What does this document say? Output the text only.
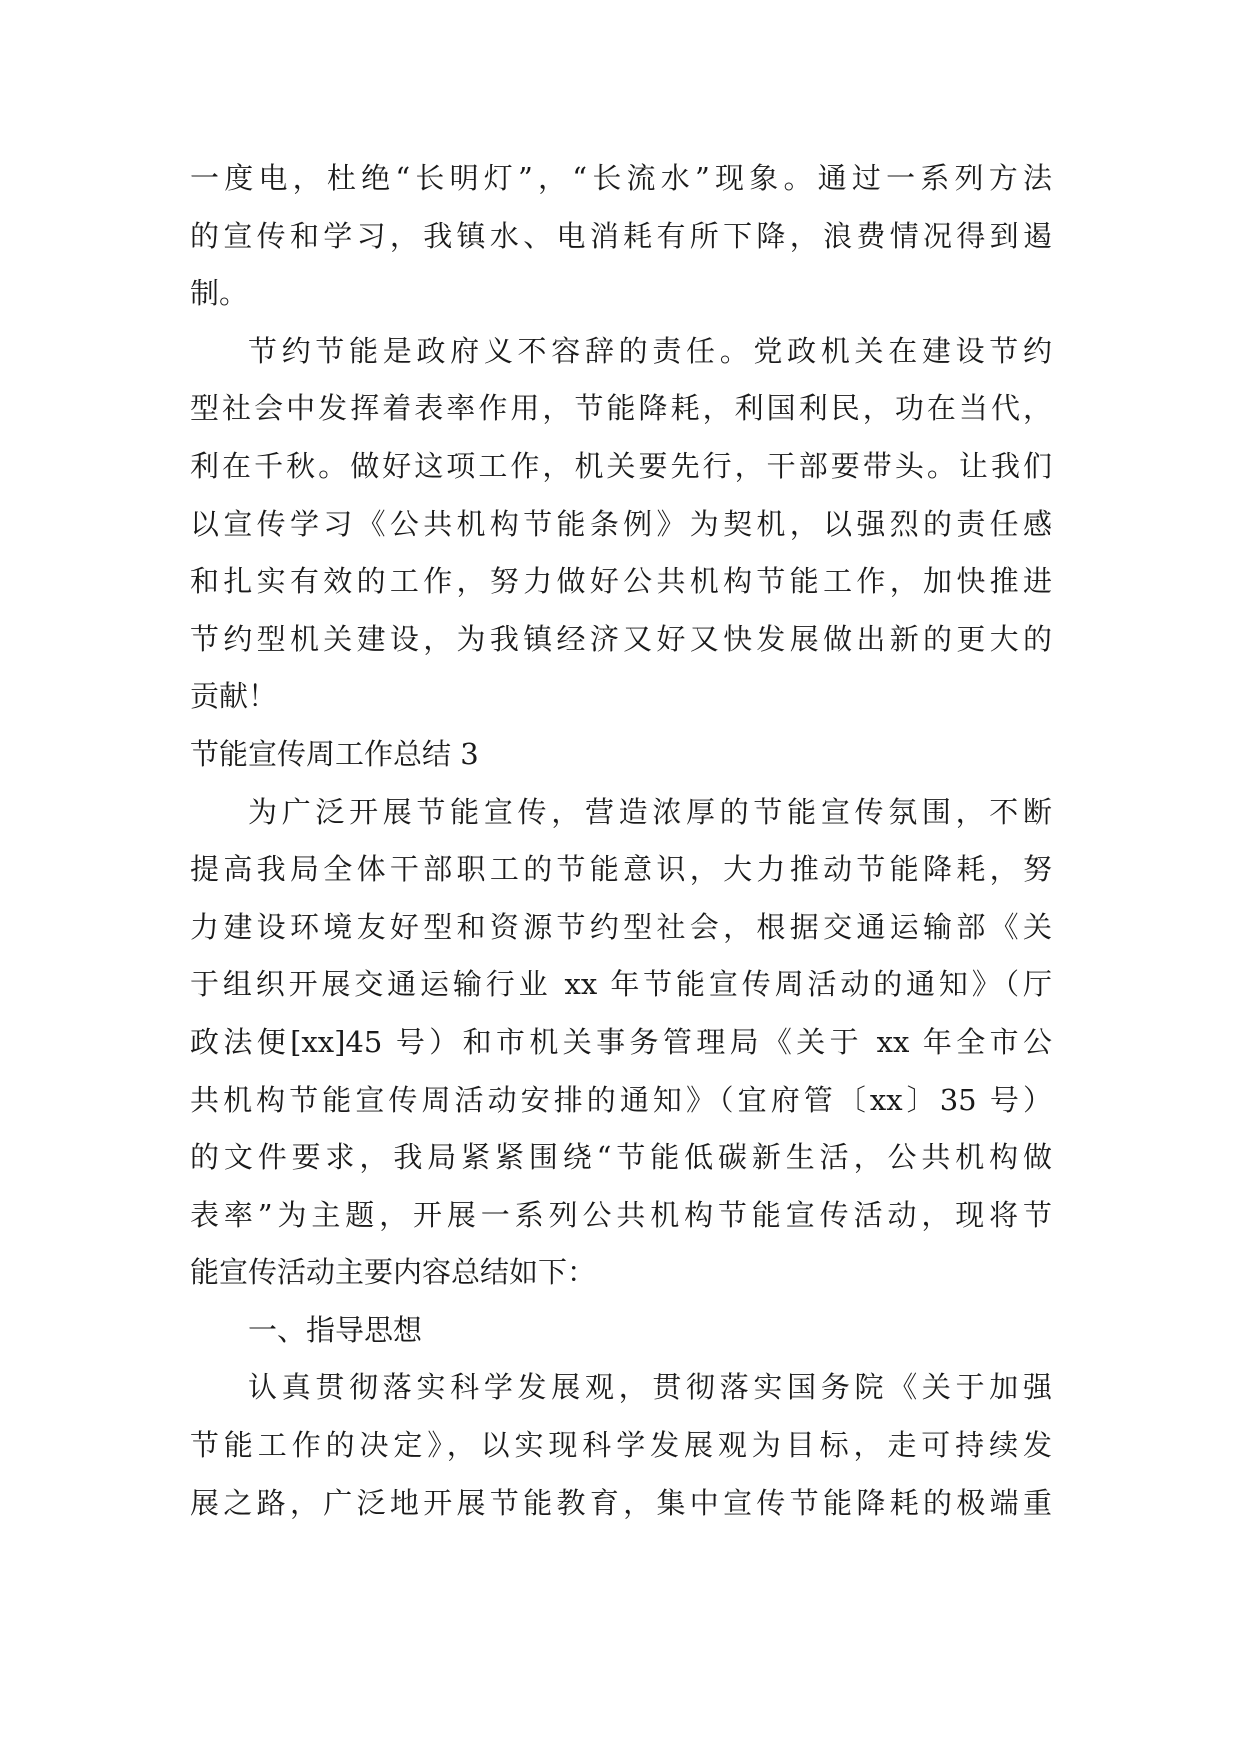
一度电，杜绝“长明灯”，“长流水”现象。通过一系列方法
的宣传和学习，我镇水、电消耗有所下降，浪费情况得到遏
制。
节约节能是政府义不容辞的责任。党政机关在建设节约
型社会中发挥着表率作用，节能降耗，利国利民，功在当代，
利在千秋。做好这项工作，机关要先行，干部要带头。让我们
以宣传学习《公共机构节能条例》为契机，以强烈的责任感
和扎实有效的工作，努力做好公共机构节能工作，加快推进
节约型机关建设，为我镇经济又好又快发展做出新的更大的
贡献！
节能宣传周工作总结 3
为广泛开展节能宣传，营造浓厚的节能宣传氛围，不断
提高我局全体干部职工的节能意识，大力推动节能降耗，努
力建设环境友好型和资源节约型社会，根据交通运输部《关
于组织开展交通运输行业 xx 年节能宣传周活动的通知》（厅
政法便[xx]45 号）和市机关事务管理局《关于 xx 年全市公
共机构节能宣传周活动安排的通知》（宜府管〔xx〕35 号）
的文件要求，我局紧紧围绕“节能低碳新生活，公共机构做
表率”为主题，开展一系列公共机构节能宣传活动，现将节
能宣传活动主要内容总结如下：
一、指导思想
认真贯彻落实科学发展观，贯彻落实国务院《关于加强
节能工作的决定》，以实现科学发展观为目标，走可持续发
展之路，广泛地开展节能教育，集中宣传节能降耗的极端重
